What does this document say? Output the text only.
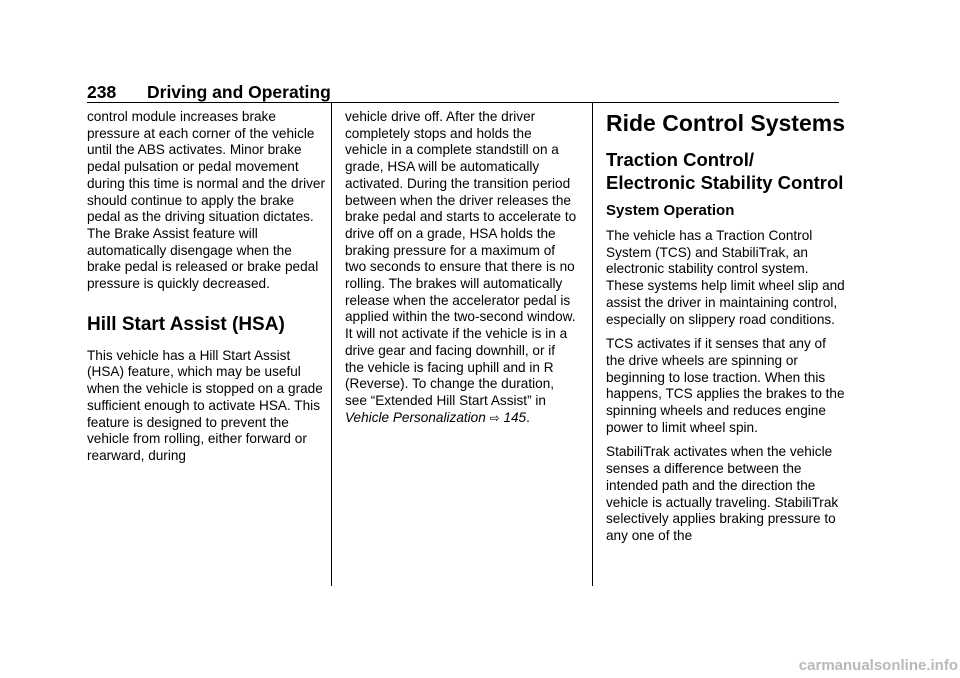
238 Driving and Operating

control module increases brake pressure at each corner of the vehicle until the ABS activates. Minor brake pedal pulsation or pedal movement during this time is normal and the driver should continue to apply the brake pedal as the driving situation dictates. The Brake Assist feature will automatically disengage when the brake pedal is released or brake pedal pressure is quickly decreased.

Hill Start Assist (HSA)

This vehicle has a Hill Start Assist (HSA) feature, which may be useful when the vehicle is stopped on a grade sufficient enough to activate HSA. This feature is designed to prevent the vehicle from rolling, either forward or rearward, during

vehicle drive off. After the driver completely stops and holds the vehicle in a complete standstill on a grade, HSA will be automatically activated. During the transition period between when the driver releases the brake pedal and starts to accelerate to drive off on a grade, HSA holds the braking pressure for a maximum of two seconds to ensure that there is no rolling. The brakes will automatically release when the accelerator pedal is applied within the two-second window. It will not activate if the vehicle is in a drive gear and facing downhill, or if the vehicle is facing uphill and in R (Reverse). To change the duration, see “Extended Hill Start Assist” in Vehicle Personalization ⇨ 145.

Ride Control Systems

Traction Control/ Electronic Stability Control

System Operation

The vehicle has a Traction Control System (TCS) and StabiliTrak, an electronic stability control system. These systems help limit wheel slip and assist the driver in maintaining control, especially on slippery road conditions.

TCS activates if it senses that any of the drive wheels are spinning or beginning to lose traction. When this happens, TCS applies the brakes to the spinning wheels and reduces engine power to limit wheel spin.

StabiliTrak activates when the vehicle senses a difference between the intended path and the direction the vehicle is actually traveling. StabiliTrak selectively applies braking pressure to any one of the

carmanualsonline.info
